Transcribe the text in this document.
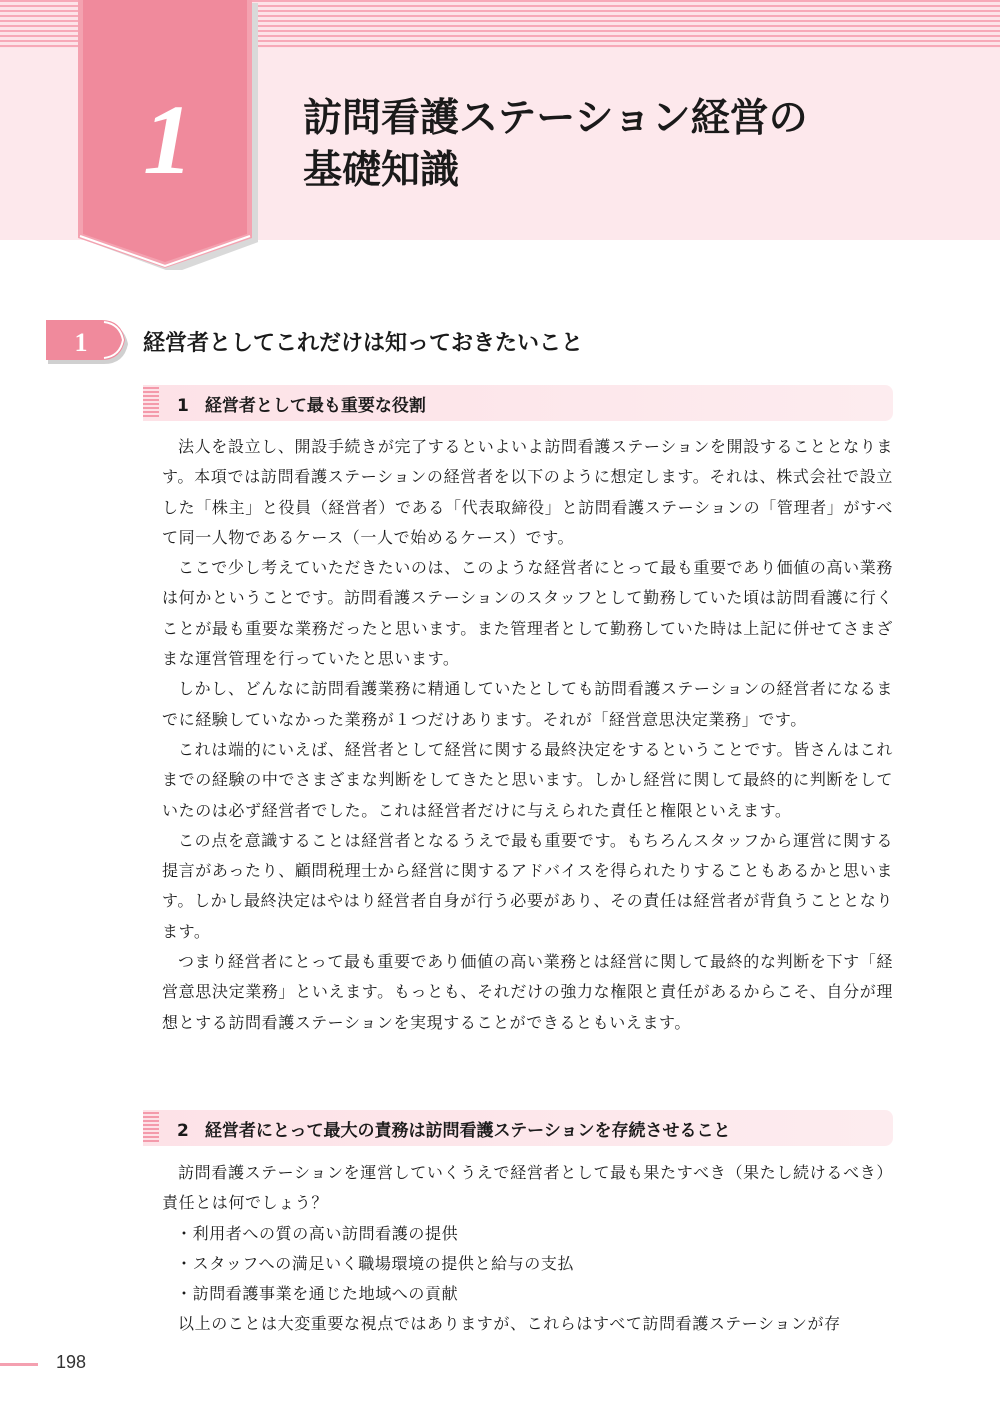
1	訪問看護ステーション経営の
基礎知識
1	経営者としてこれだけは知っておきたいこと
1 経営者として最も重要な役割

法人を設立し、開設手続きが完了するといよいよ訪問看護ステーションを開設することとなります。本項では訪問看護ステーションの経営者を以下のように想定します。それは、株式会社で設立した「株主」と役員（経営者）である「代表取締役」と訪問看護ステーションの「管理者」がすべて同一人物であるケース（一人で始めるケース）です。

ここで少し考えていただきたいのは、このような経営者にとって最も重要であり価値の高い業務は何かということです。訪問看護ステーションのスタッフとして勤務していた頃は訪問看護に行くことが最も重要な業務だったと思います。また管理者として勤務していた時は上記に併せてさまざまな運営管理を行っていたと思います。

しかし、どんなに訪問看護業務に精通していたとしても訪問看護ステーションの経営者になるまでに経験していなかった業務が１つだけあります。それが「経営意思決定業務」です。

これは端的にいえば、経営者として経営に関する最終決定をするということです。皆さんはこれまでの経験の中でさまざまな判断をしてきたと思います。しかし経営に関して最終的に判断をしていたのは必ず経営者でした。これは経営者だけに与えられた責任と権限といえます。

この点を意識することは経営者となるうえで最も重要です。もちろんスタッフから運営に関する提言があったり、顧問税理士から経営に関するアドバイスを得られたりすることもあるかと思います。しかし最終決定はやはり経営者自身が行う必要があり、その責任は経営者が背負うこととなります。

つまり経営者にとって最も重要であり価値の高い業務とは経営に関して最終的な判断を下す「経営意思決定業務」といえます。もっとも、それだけの強力な権限と責任があるからこそ、自分が理想とする訪問看護ステーションを実現することができるともいえます。

2 経営者にとって最大の責務は訪問看護ステーションを存続させること

訪問看護ステーションを運営していくうえで経営者として最も果たすべき（果たし続けるべき）責任とは何でしょう？

・利用者への質の高い訪問看護の提供
・スタッフへの満足いく職場環境の提供と給与の支払
・訪問看護事業を通じた地域への貢献

以上のことは大変重要な視点ではありますが、これらはすべて訪問看護ステーションが存

198
